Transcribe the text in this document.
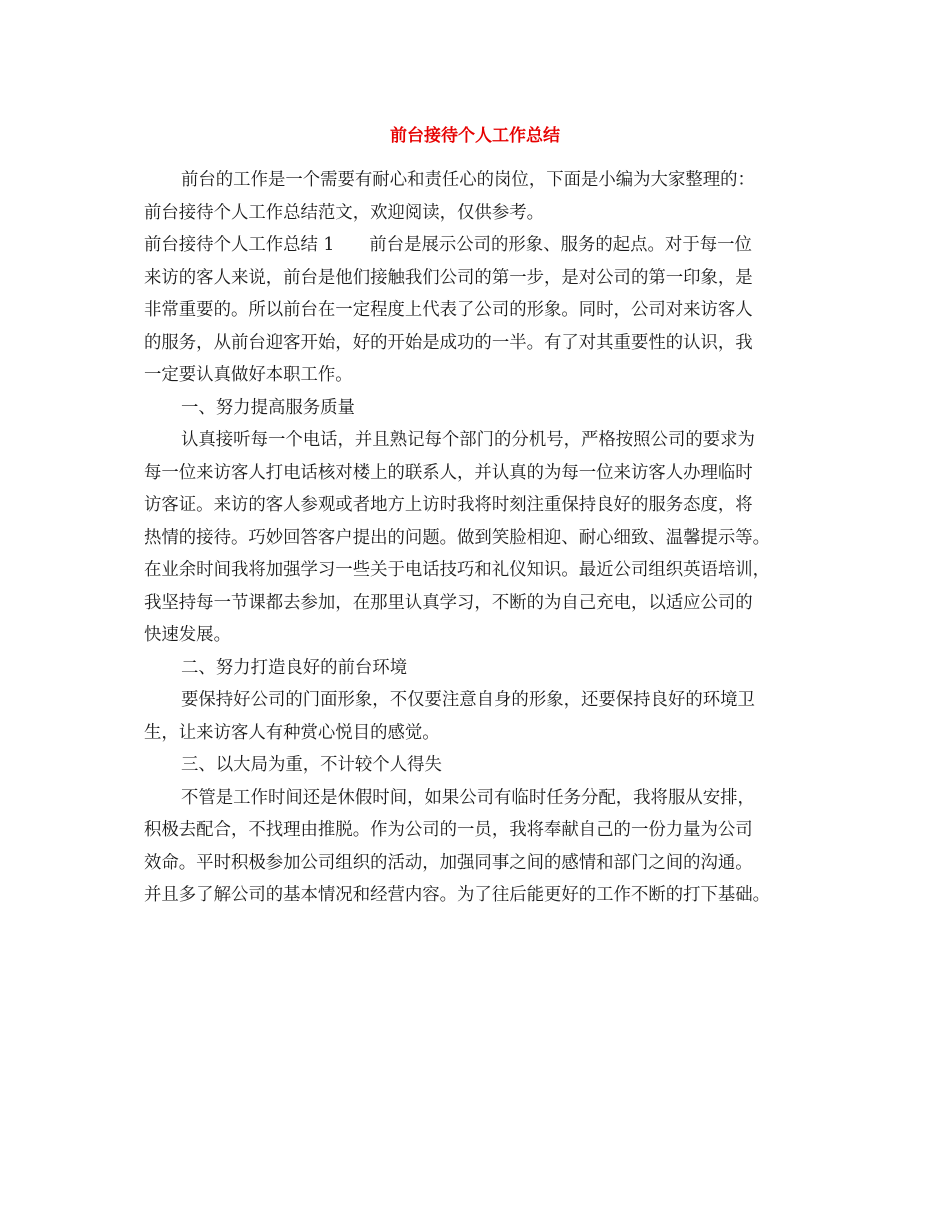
前台接待个人工作总结
前台的工作是一个需要有耐心和责任心的岗位，下面是小编为大家整理的：
前台接待个人工作总结范文，欢迎阅读，仅供参考。
前台接待个人工作总结 1　　前台是展示公司的形象、服务的起点。对于每一位
来访的客人来说，前台是他们接触我们公司的第一步，是对公司的第一印象，是
非常重要的。所以前台在一定程度上代表了公司的形象。同时，公司对来访客人
的服务，从前台迎客开始，好的开始是成功的一半。有了对其重要性的认识，我
一定要认真做好本职工作。
一、努力提高服务质量
认真接听每一个电话，并且熟记每个部门的分机号，严格按照公司的要求为
每一位来访客人打电话核对楼上的联系人，并认真的为每一位来访客人办理临时
访客证。来访的客人参观或者地方上访时我将时刻注重保持良好的服务态度，将
热情的接待。巧妙回答客户提出的问题。做到笑脸相迎、耐心细致、温馨提示等。
在业余时间我将加强学习一些关于电话技巧和礼仪知识。最近公司组织英语培训，
我坚持每一节课都去参加，在那里认真学习，不断的为自己充电，以适应公司的
快速发展。
二、努力打造良好的前台环境
要保持好公司的门面形象，不仅要注意自身的形象，还要保持良好的环境卫
生，让来访客人有种赏心悦目的感觉。
三、以大局为重，不计较个人得失
不管是工作时间还是休假时间，如果公司有临时任务分配，我将服从安排，
积极去配合，不找理由推脱。作为公司的一员，我将奉献自己的一份力量为公司
效命。平时积极参加公司组织的活动，加强同事之间的感情和部门之间的沟通。
并且多了解公司的基本情况和经营内容。为了往后能更好的工作不断的打下基础。
